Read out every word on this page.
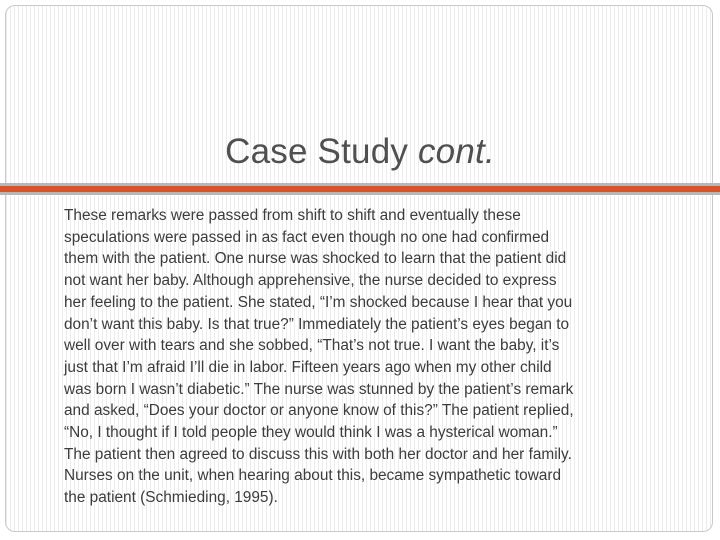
Case Study cont.

These remarks were passed from shift to shift and eventually these
speculations were passed in as fact even though no one had confirmed
them with the patient. One nurse was shocked to learn that the patient did
not want her baby. Although apprehensive, the nurse decided to express
her feeling to the patient. She stated, “I’m shocked because I hear that you
don’t want this baby. Is that true?” Immediately the patient’s eyes began to
well over with tears and she sobbed, “That’s not true. I want the baby, it’s
just that I’m afraid I’ll die in labor. Fifteen years ago when my other child
was born I wasn’t diabetic.” The nurse was stunned by the patient’s remark
and asked, “Does your doctor or anyone know of this?” The patient replied,
“No, I thought if I told people they would think I was a hysterical woman.”
The patient then agreed to discuss this with both her doctor and her family.
Nurses on the unit, when hearing about this, became sympathetic toward
the patient (Schmieding, 1995).
